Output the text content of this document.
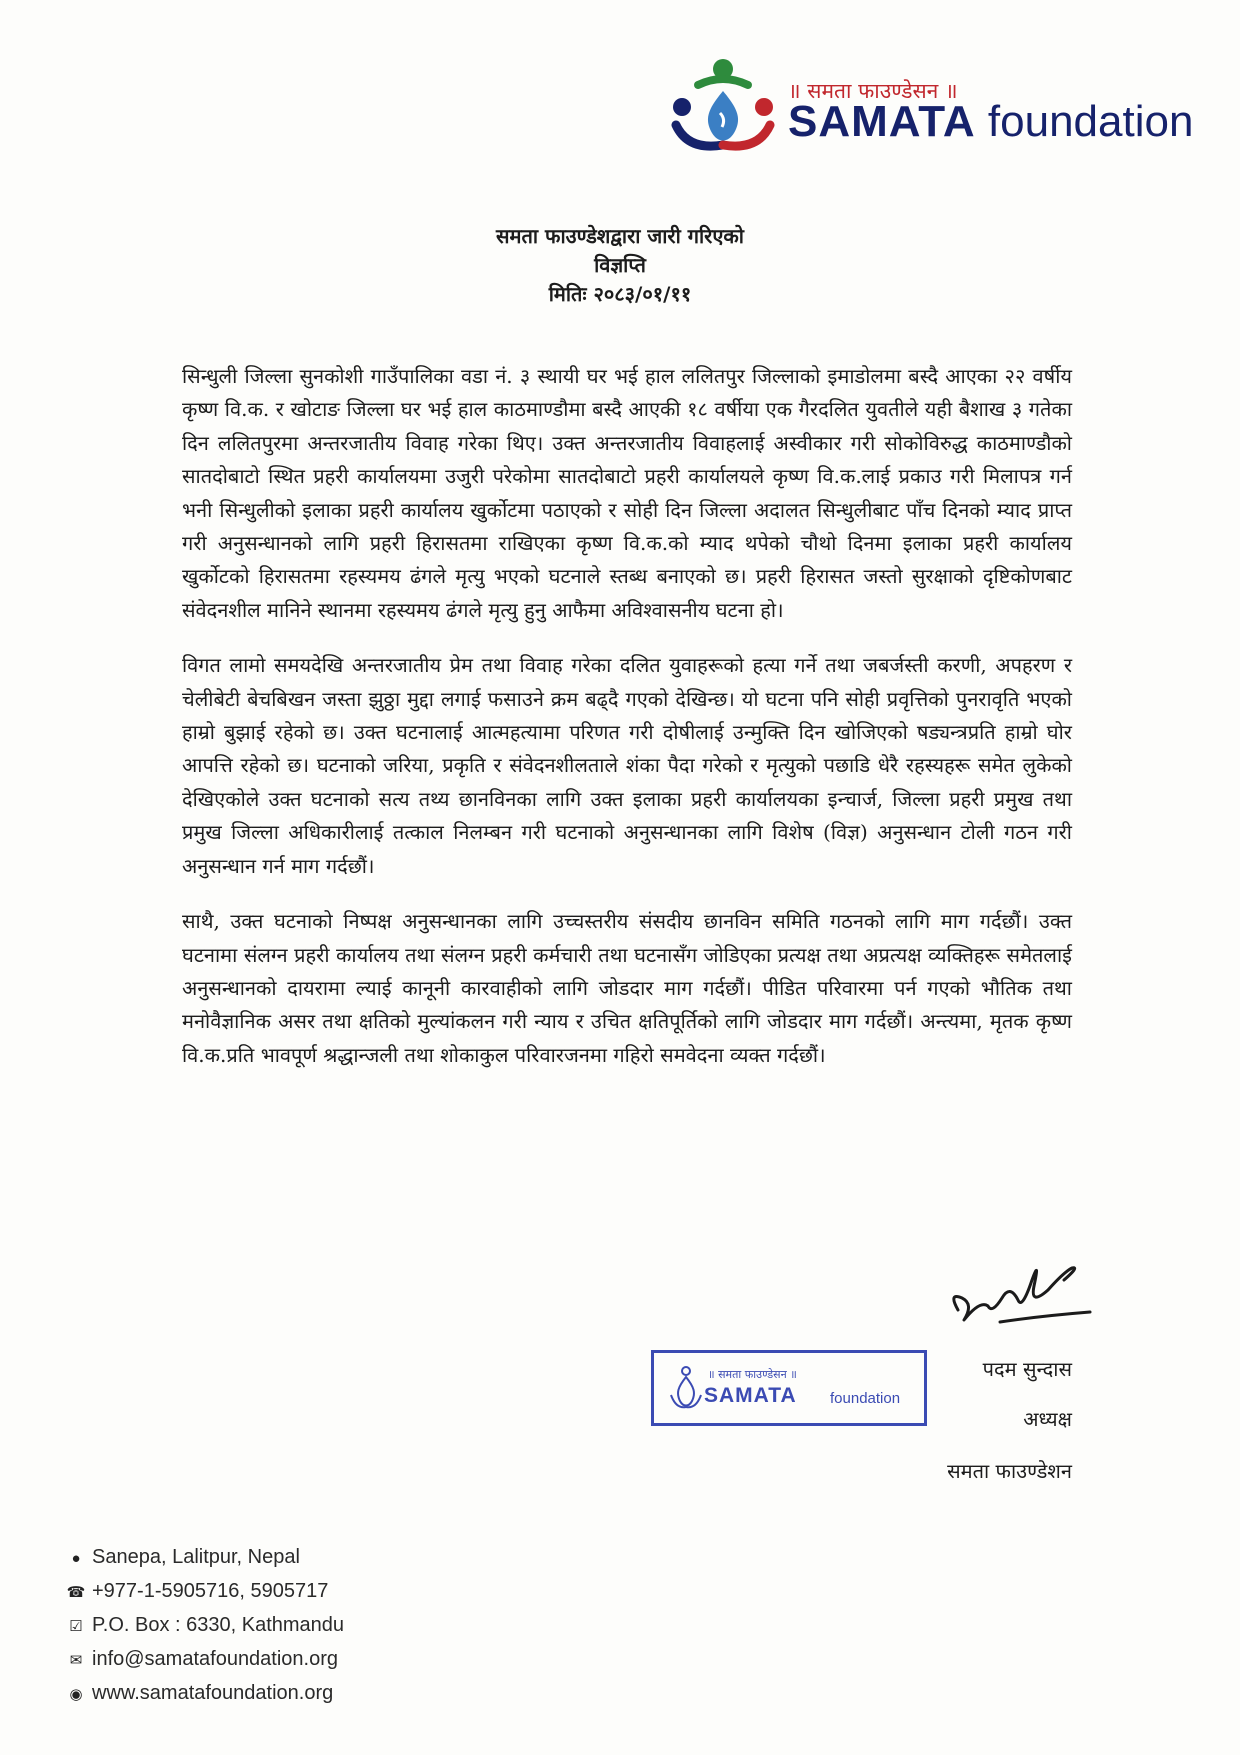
॥ समता फाउण्डेसन ॥
SAMATA foundation
समता फाउण्डेशद्वारा जारी गरिएको
विज्ञप्ति
मितिः २०८३/०१/११

सिन्धुली जिल्ला सुनकोशी गाउँपालिका वडा नं. ३ स्थायी घर भई हाल ललितपुर जिल्लाको इमाडोलमा बस्दै आएका २२ वर्षीय कृष्ण वि.क. र खोटाङ जिल्ला घर भई हाल काठमाण्डौमा बस्दै आएकी १८ वर्षीया एक गैरदलित युवतीले यही बैशाख ३ गतेका दिन ललितपुरमा अन्तरजातीय विवाह गरेका थिए। उक्त अन्तरजातीय विवाहलाई अस्वीकार गरी सोकोविरुद्ध काठमाण्डौको सातदोबाटो स्थित प्रहरी कार्यालयमा उजुरी परेकोमा सातदोबाटो प्रहरी कार्यालयले कृष्ण वि.क.लाई प्रकाउ गरी मिलापत्र गर्न भनी सिन्धुलीको इलाका प्रहरी कार्यालय खुर्कोटमा पठाएको र सोही दिन जिल्ला अदालत सिन्धुलीबाट पाँच दिनको म्याद प्राप्त गरी अनुसन्धानको लागि प्रहरी हिरासतमा राखिएका कृष्ण वि.क.को म्याद थपेको चौथो दिनमा इलाका प्रहरी कार्यालय खुर्कोटको हिरासतमा रहस्यमय ढंगले मृत्यु भएको घटनाले स्तब्ध बनाएको छ। प्रहरी हिरासत जस्तो सुरक्षाको दृष्टिकोणबाट संवेदनशील मानिने स्थानमा रहस्यमय ढंगले मृत्यु हुनु आफैमा अविश्वासनीय घटना हो।

विगत लामो समयदेखि अन्तरजातीय प्रेम तथा विवाह गरेका दलित युवाहरूको हत्या गर्ने तथा जबर्जस्ती करणी, अपहरण र चेलीबेटी बेचबिखन जस्ता झुठ्ठा मुद्दा लगाई फसाउने क्रम बढ्दै गएको देखिन्छ। यो घटना पनि सोही प्रवृत्तिको पुनरावृति भएको हाम्रो बुझाई रहेको छ। उक्त घटनालाई आत्महत्यामा परिणत गरी दोषीलाई उन्मुक्ति दिन खोजिएको षड्यन्त्रप्रति हाम्रो घोर आपत्ति रहेको छ। घटनाको जरिया, प्रकृति र संवेदनशीलताले शंका पैदा गरेको र मृत्युको पछाडि धेरै रहस्यहरू समेत लुकेको देखिएकोले उक्त घटनाको सत्य तथ्य छानविनका लागि उक्त इलाका प्रहरी कार्यालयका इन्चार्ज, जिल्ला प्रहरी प्रमुख तथा प्रमुख जिल्ला अधिकारीलाई तत्काल निलम्बन गरी घटनाको अनुसन्धानका लागि विशेष (विज्ञ) अनुसन्धान टोली गठन गरी अनुसन्धान गर्न माग गर्दछौं।

साथै, उक्त घटनाको निष्पक्ष अनुसन्धानका लागि उच्चस्तरीय संसदीय छानविन समिति गठनको लागि माग गर्दछौं। उक्त घटनामा संलग्न प्रहरी कार्यालय तथा संलग्न प्रहरी कर्मचारी तथा घटनासँग जोडिएका प्रत्यक्ष तथा अप्रत्यक्ष व्यक्तिहरू समेतलाई अनुसन्धानको दायरामा ल्याई कानूनी कारवाहीको लागि जोडदार माग गर्दछौं। पीडित परिवारमा पर्न गएको भौतिक तथा मनोवैज्ञानिक असर तथा क्षतिको मुल्यांकलन गरी न्याय र उचित क्षतिपूर्तिको लागि जोडदार माग गर्दछौं। अन्त्यमा, मृतक कृष्ण वि.क.प्रति भावपूर्ण श्रद्धान्जली तथा शोकाकुल परिवारजनमा गहिरो समवेदना व्यक्त गर्दछौं।

॥ समता फाउण्डेसन ॥
SAMATA foundation
पदम सुन्दास
अध्यक्ष
समता फाउण्डेशन
● Sanepa, Lalitpur, Nepal
☎ +977-1-5905716, 5905717
☑ P.O. Box : 6330, Kathmandu
✉ info@samatafoundation.org
◉ www.samatafoundation.org
